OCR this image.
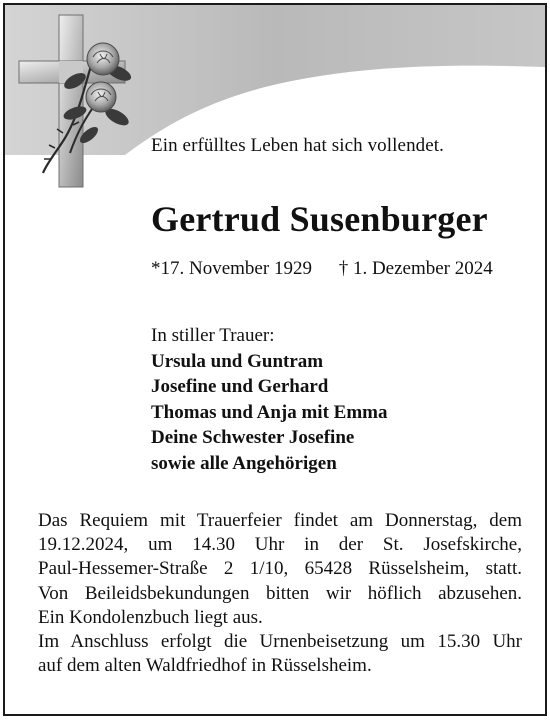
Ein erfülltes Leben hat sich vollendet.
Gertrud Susenburger
*17. November 1929 † 1. Dezember 2024
In stiller Trauer:
Ursula und Guntram
Josefine und Gerhard
Thomas und Anja mit Emma
Deine Schwester Josefine
sowie alle Angehörigen
Das Requiem mit Trauerfeier findet am Donnerstag, dem
19.12.2024, um 14.30 Uhr in der St. Josefskirche,
Paul-Hessemer-Straße 2 1/10, 65428 Rüsselsheim, statt.
Von Beileidsbekundungen bitten wir höflich abzusehen.
Ein Kondolenzbuch liegt aus.
Im Anschluss erfolgt die Urnenbeisetzung um 15.30 Uhr
auf dem alten Waldfriedhof in Rüsselsheim.
